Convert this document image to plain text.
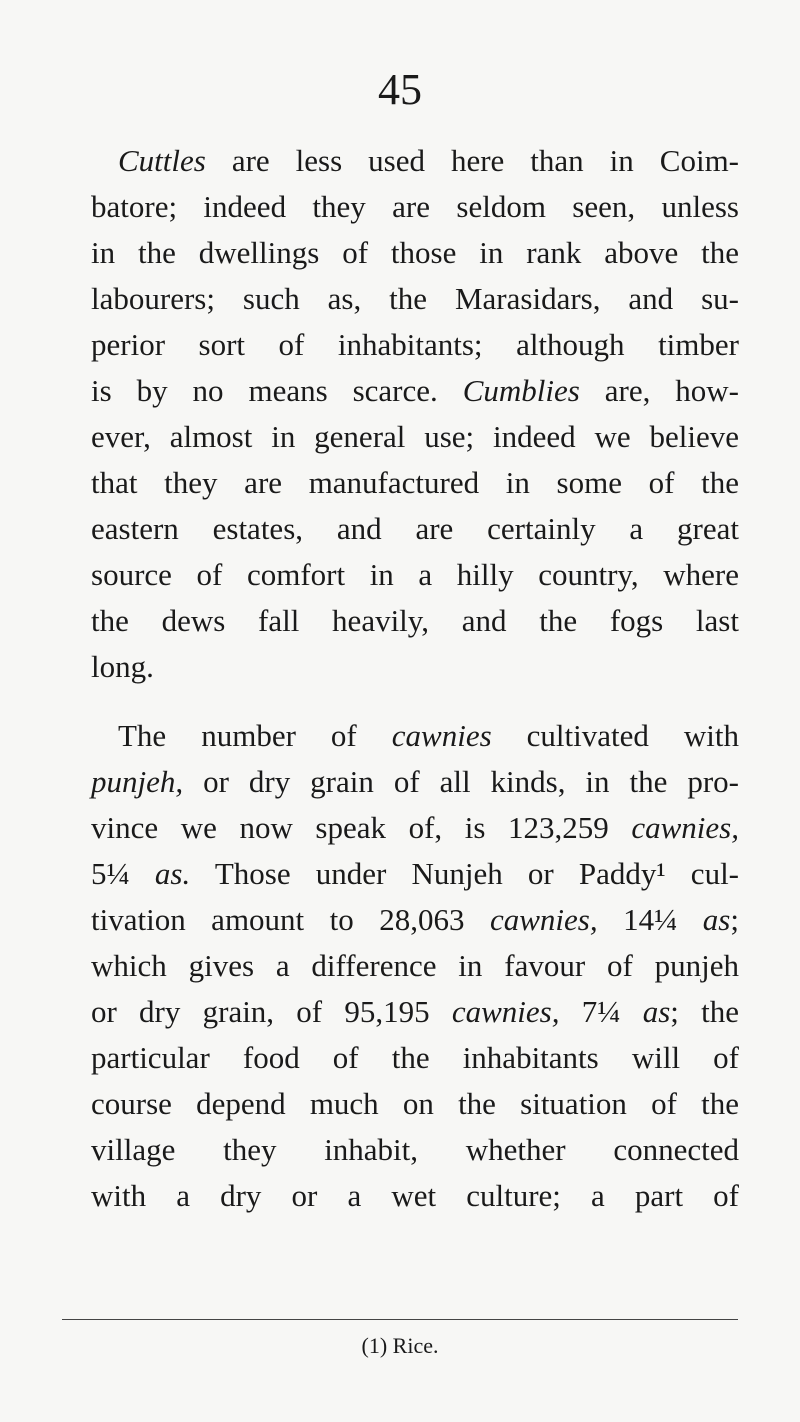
45
Cuttles are less used here than in Coim-
batore; indeed they are seldom seen, unless
in the dwellings of those in rank above the
labourers; such as, the Marasidars, and su-
perior sort of inhabitants; although timber
is by no means scarce. Cumblies are, how-
ever, almost in general use; indeed we believe
that they are manufactured in some of the
eastern estates, and are certainly a great
source of comfort in a hilly country, where
the dews fall heavily, and the fogs last
long.
The number of cawnies cultivated with
punjeh, or dry grain of all kinds, in the pro-
vince we now speak of, is 123,259 cawnies,
5¼ as. Those under Nunjeh or Paddy¹ cul-
tivation amount to 28,063 cawnies, 14¼ as;
which gives a difference in favour of punjeh
or dry grain, of 95,195 cawnies, 7¼ as; the
particular food of the inhabitants will of
course depend much on the situation of the
village they inhabit, whether connected
with a dry or a wet culture; a part of
(1) Rice.
